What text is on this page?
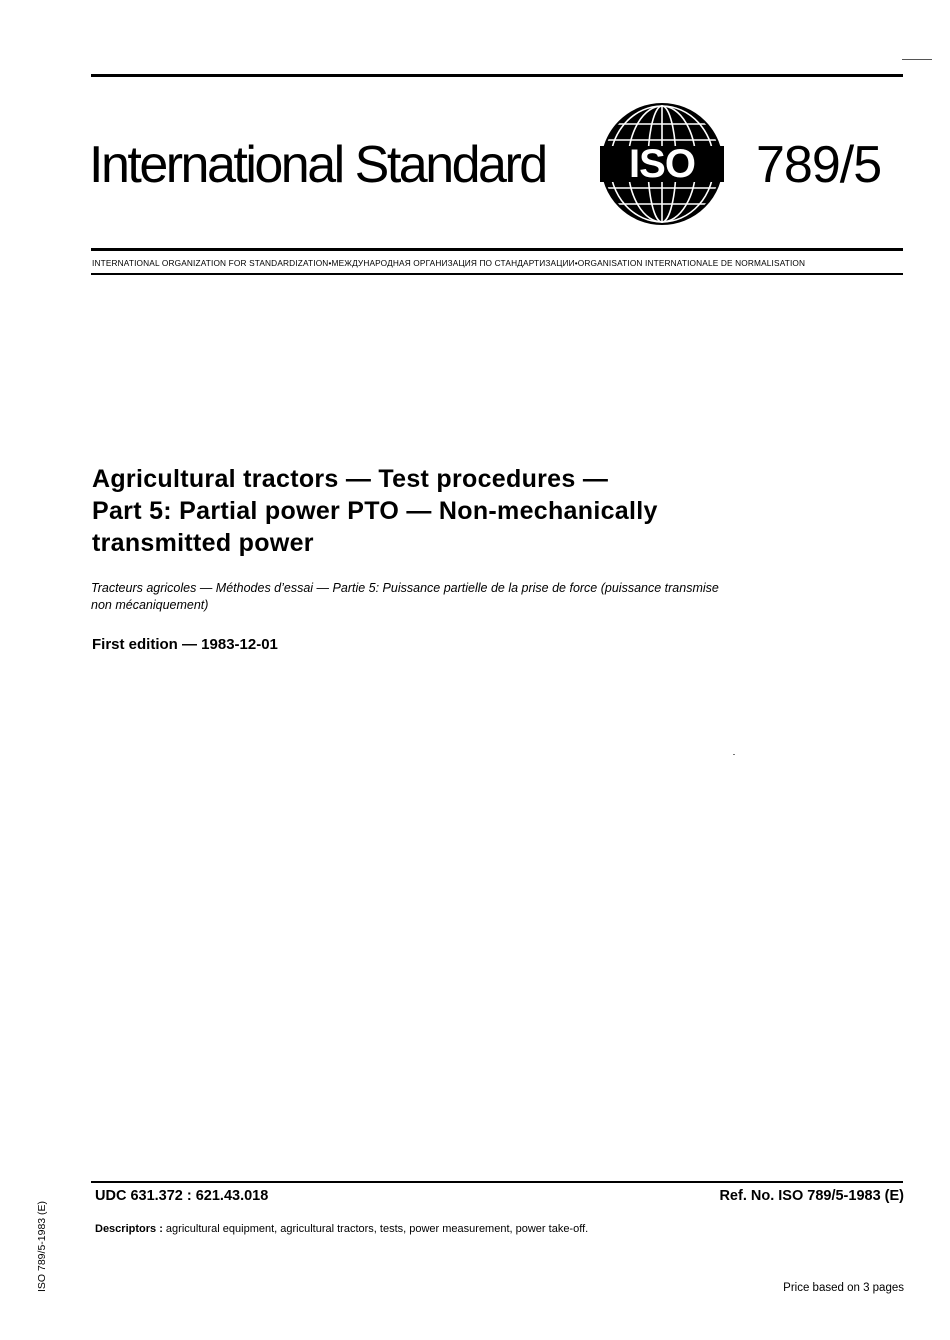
International Standard ISO 789/5
INTERNATIONAL ORGANIZATION FOR STANDARDIZATION•МЕЖДУНАРОДНАЯ ОРГАНИЗАЦИЯ ПО СТАНДАРТИЗАЦИИ•ORGANISATION INTERNATIONALE DE NORMALISATION
Agricultural tractors — Test procedures —
Part 5: Partial power PTO — Non-mechanically
transmitted power
Tracteurs agricoles — Méthodes d’essai — Partie 5: Puissance partielle de la prise de force (puissance transmise
non mécaniquement)
First edition — 1983-12-01
UDC 631.372 : 621.43.018	Ref. No. ISO 789/5-1983 (E)
Descriptors : agricultural equipment, agricultural tractors, tests, power measurement, power take-off.
Price based on 3 pages
ISO 789/5-1983 (E)
